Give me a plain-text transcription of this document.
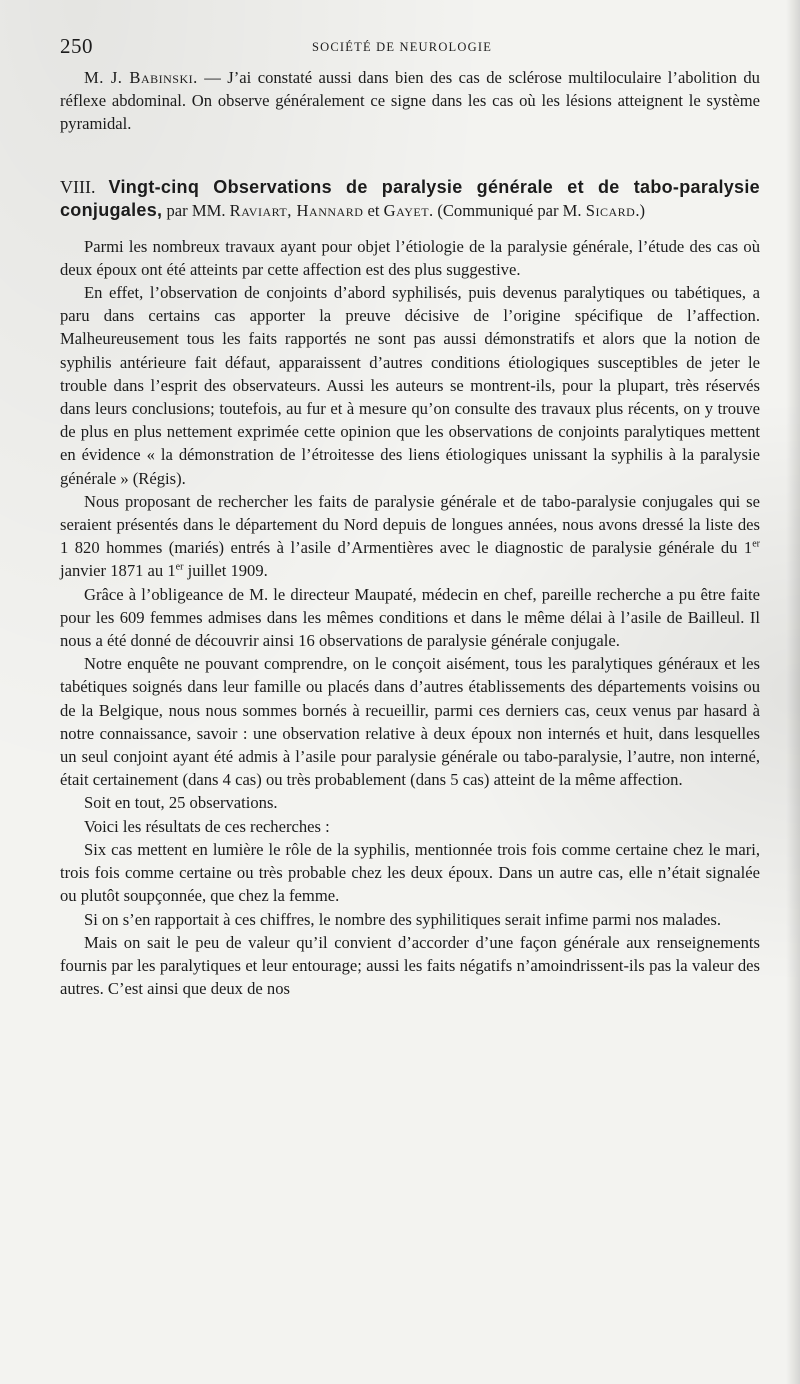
250	SOCIÉTÉ DE NEUROLOGIE

M. J. Babinski. — J’ai constaté aussi dans bien des cas de sclérose multiloculaire l’abolition du réflexe abdominal. On observe généralement ce signe dans les cas où les lésions atteignent le système pyramidal.

VIII. Vingt-cinq Observations de paralysie générale et de tabo-paralysie conjugales, par MM. Raviart, Hannard et Gayet. (Communiqué par M. Sicard.)

Parmi les nombreux travaux ayant pour objet l’étiologie de la paralysie générale, l’étude des cas où deux époux ont été atteints par cette affection est des plus suggestive.

En effet, l’observation de conjoints d’abord syphilisés, puis devenus paralytiques ou tabétiques, a paru dans certains cas apporter la preuve décisive de l’origine spécifique de l’affection. Malheureusement tous les faits rapportés ne sont pas aussi démonstratifs et alors que la notion de syphilis antérieure fait défaut, apparaissent d’autres conditions étiologiques susceptibles de jeter le trouble dans l’esprit des observateurs. Aussi les auteurs se montrent-ils, pour la plupart, très réservés dans leurs conclusions; toutefois, au fur et à mesure qu’on consulte des travaux plus récents, on y trouve de plus en plus nettement exprimée cette opinion que les observations de conjoints paralytiques mettent en évidence « la démonstration de l’étroitesse des liens étiologiques unissant la syphilis à la paralysie générale » (Régis).

Nous proposant de rechercher les faits de paralysie générale et de tabo-paralysie conjugales qui se seraient présentés dans le département du Nord depuis de longues années, nous avons dressé la liste des 1 820 hommes (mariés) entrés à l’asile d’Armentières avec le diagnostic de paralysie générale du 1er janvier 1871 au 1er juillet 1909.

Grâce à l’obligeance de M. le directeur Maupaté, médecin en chef, pareille recherche a pu être faite pour les 609 femmes admises dans les mêmes conditions et dans le même délai à l’asile de Bailleul. Il nous a été donné de découvrir ainsi 16 observations de paralysie générale conjugale.

Notre enquête ne pouvant comprendre, on le conçoit aisément, tous les paralytiques généraux et les tabétiques soignés dans leur famille ou placés dans d’autres établissements des départements voisins ou de la Belgique, nous nous sommes bornés à recueillir, parmi ces derniers cas, ceux venus par hasard à notre connaissance, savoir : une observation relative à deux époux non internés et huit, dans lesquelles un seul conjoint ayant été admis à l’asile pour paralysie générale ou tabo-paralysie, l’autre, non interné, était certainement (dans 4 cas) ou très probablement (dans 5 cas) atteint de la même affection.

Soit en tout, 25 observations.

Voici les résultats de ces recherches :

Six cas mettent en lumière le rôle de la syphilis, mentionnée trois fois comme certaine chez le mari, trois fois comme certaine ou très probable chez les deux époux. Dans un autre cas, elle n’était signalée ou plutôt soupçonnée, que chez la femme.

Si on s’en rapportait à ces chiffres, le nombre des syphilitiques serait infime parmi nos malades.

Mais on sait le peu de valeur qu’il convient d’accorder d’une façon générale aux renseignements fournis par les paralytiques et leur entourage; aussi les faits négatifs n’amoindrissent-ils pas la valeur des autres. C’est ainsi que deux de nos
